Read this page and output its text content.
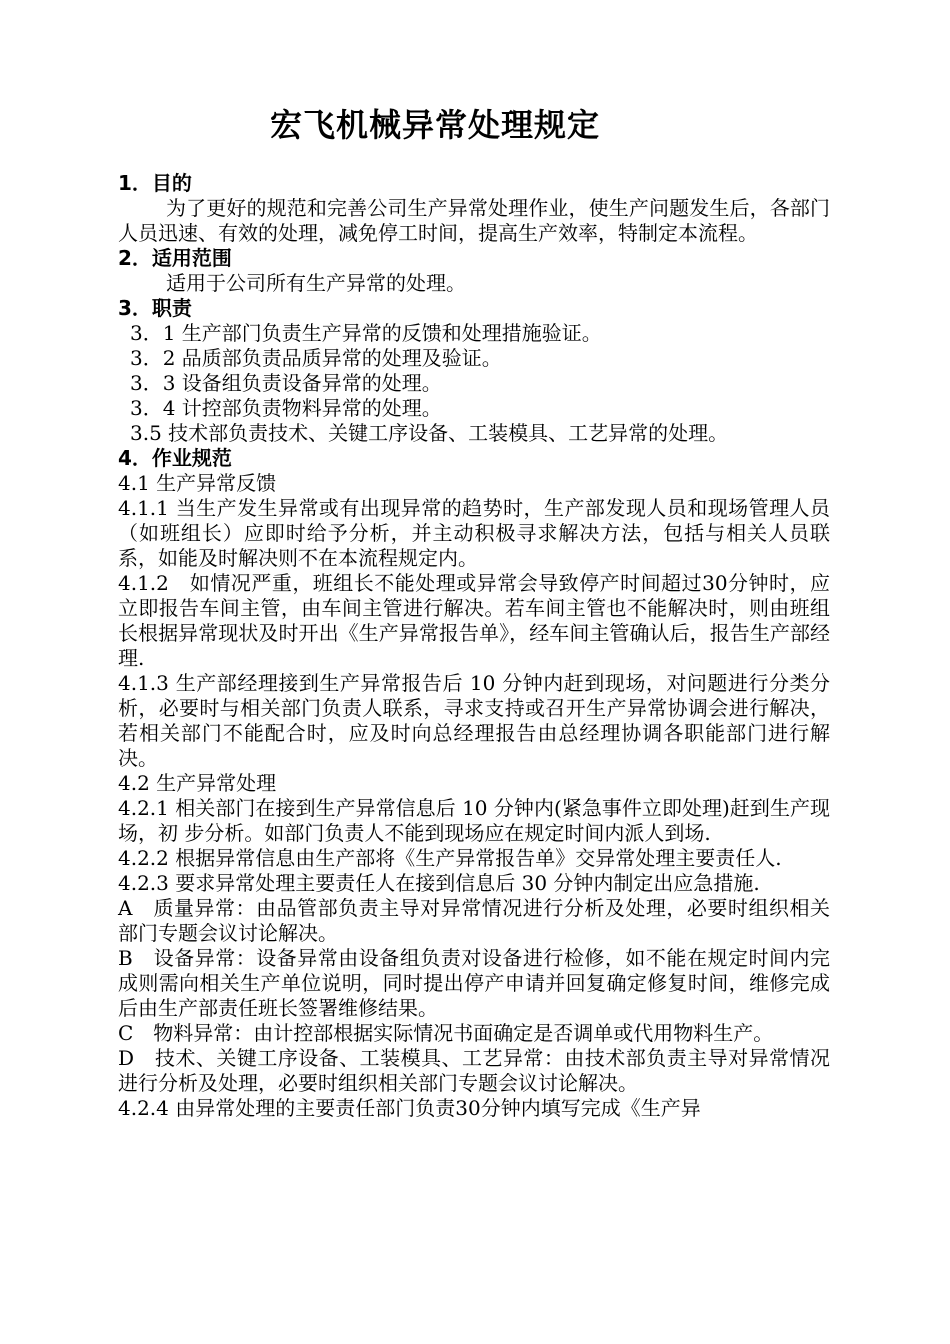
宏飞机械异常处理规定

1．目的

为了更好的规范和完善公司生产异常处理作业，使生产问题发生后，各部门人员迅速、有效的处理，减免停工时间，提高生产效率，特制定本流程。

2．适用范围

适用于公司所有生产异常的处理。

3．职责

3．1 生产部门负责生产异常的反馈和处理措施验证。

3．2 品质部负责品质异常的处理及验证。

3．3 设备组负责设备异常的处理。

3．4 计控部负责物料异常的处理。

3.5 技术部负责技术、关键工序设备、工装模具、工艺异常的处理。

4．作业规范

4.1 生产异常反馈

4.1.1 当生产发生异常或有出现异常的趋势时，生产部发现人员和现场管理人员（如班组长）应即时给予分析，并主动积极寻求解决方法，包括与相关人员联系，如能及时解决则不在本流程规定内。

4.1.2　如情况严重，班组长不能处理或异常会导致停产时间超过30分钟时，应立即报告车间主管，由车间主管进行解决。若车间主管也不能解决时，则由班组长根据异常现状及时开出《生产异常报告单》，经车间主管确认后，报告生产部经理.

4.1.3 生产部经理接到生产异常报告后 10 分钟内赶到现场，对问题进行分类分析，必要时与相关部门负责人联系，寻求支持或召开生产异常协调会进行解决，若相关部门不能配合时，应及时向总经理报告由总经理协调各职能部门进行解决。

4.2 生产异常处理

4.2.1 相关部门在接到生产异常信息后 10 分钟内(紧急事件立即处理)赶到生产现场，初 步分析。如部门负责人不能到现场应在规定时间内派人到场.

4.2.2 根据异常信息由生产部将《生产异常报告单》交异常处理主要责任人.

4.2.3 要求异常处理主要责任人在接到信息后 30 分钟内制定出应急措施.

A　质量异常：由品管部负责主导对异常情况进行分析及处理，必要时组织相关部门专题会议讨论解决。

B　设备异常：设备异常由设备组负责对设备进行检修，如不能在规定时间内完成则需向相关生产单位说明，同时提出停产申请并回复确定修复时间，维修完成后由生产部责任班长签署维修结果。

C　物料异常：由计控部根据实际情况书面确定是否调单或代用物料生产。

D　技术、关键工序设备、工装模具、工艺异常：由技术部负责主导对异常情况进行分析及处理，必要时组织相关部门专题会议讨论解决。

4.2.4 由异常处理的主要责任部门负责30分钟内填写完成《生产异
